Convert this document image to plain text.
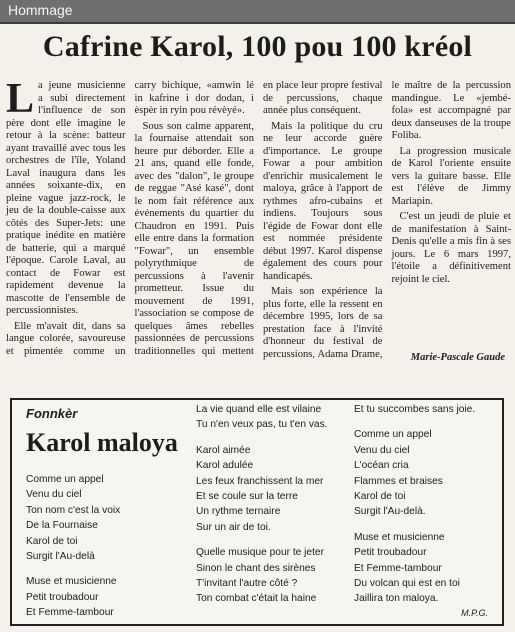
Hommage
Cafrine Karol, 100 pou 100 kréol

La jeune musicienne a subi directement l'influence de son père dont elle imagine le retour à la scène: batteur ayant travaillé avec tous les orchestres de l'île, Yoland Laval inaugura dans les années soixante-dix, en pleine vague jazz-rock, le jeu de la double-caisse aux côtés des Super-Jets: une pratique inédite en matière de batterie, qui a marqué l'époque. Carole Laval, au contact de Fowar est rapidement devenue la mascotte de l'ensemble de percussionnistes.

Elle m'avait dit, dans sa langue colorée, savoureuse et pimentée comme un carry bichique, «amwin lé in kafrine i dor dodan, i èspèr in ryin pou révèyé».

Sous son calme apparent, la fournaise attendait son heure pur déborder. Elle a 21 ans, quand elle fonde, avec des "dalon", le groupe de reggae "Asé kasé", dont le nom fait référence aux événements du quartier du Chaudron en 1991. Puis elle entre dans la formation "Fowar", un ensemble polyrythmique de percussions à l'avenir prometteur. Issue du mouvement de 1991, l'association se compose de quelques âmes rebelles passionnées de percussions traditionnelles qui mettent en place leur propre festival de percussions, chaque année plus conséquent.

Mais la politique du cru ne leur accorde guère d'importance. Le groupe Fowar a pour ambition d'enrichir musicalement le maloya, grâce à l'apport de rythmes afro-cubains et indiens. Toujours sous l'égide de Fowar dont elle est nommée présidente début 1997. Karol dispense également des cours pour handicapés.

Mais son expérience la plus forte, elle la ressent en décembre 1995, lors de sa prestation face à l'invité d'honneur du festival de percussions, Adama Drame, le maître de la percussion mandingue. Le «jembé-fola» est accompagné par deux danseuses de la troupe Foliba.

La progression musicale de Karol l'oriente ensuite vers la guitare basse. Elle est l'élève de Jimmy Mariapin.

C'est un jeudi de pluie et de manifestation à Saint-Denis qu'elle a mis fin à ses jours. Le 6 mars 1997, l'étoile a définitivement rejoint le ciel.

Marie-Pascale Gaude
Fonnkèr
Karol maloya
Comme un appel
Venu du ciel
Ton nom c'est la voix
De la Fournaise
Karol de toi
Surgit l'Au-delà
Muse et musicienne
Petit troubadour
Et Femme-tambour
La vie quand elle est vilaine
Tu n'en veux pas, tu t'en vas.
Karol aimée
Karol adulée
Les feux franchissent la mer
Et se coule sur la terre
Un rythme ternaire
Sur un air de toi.
Quelle musique pour te jeter
Sinon le chant des sirènes
T'invitant l'autre côté ?
Ton combat c'était la haine
Et tu succombes sans joie.
Comme un appel
Venu du ciel
L'océan cria
Flammes et braises
Karol de toi
Surgit l'Au-delà.
Muse et musicienne
Petit troubadour
Et Femme-tambour
Du volcan qui est en toi
Jaillira ton maloya.
M.P.G.
